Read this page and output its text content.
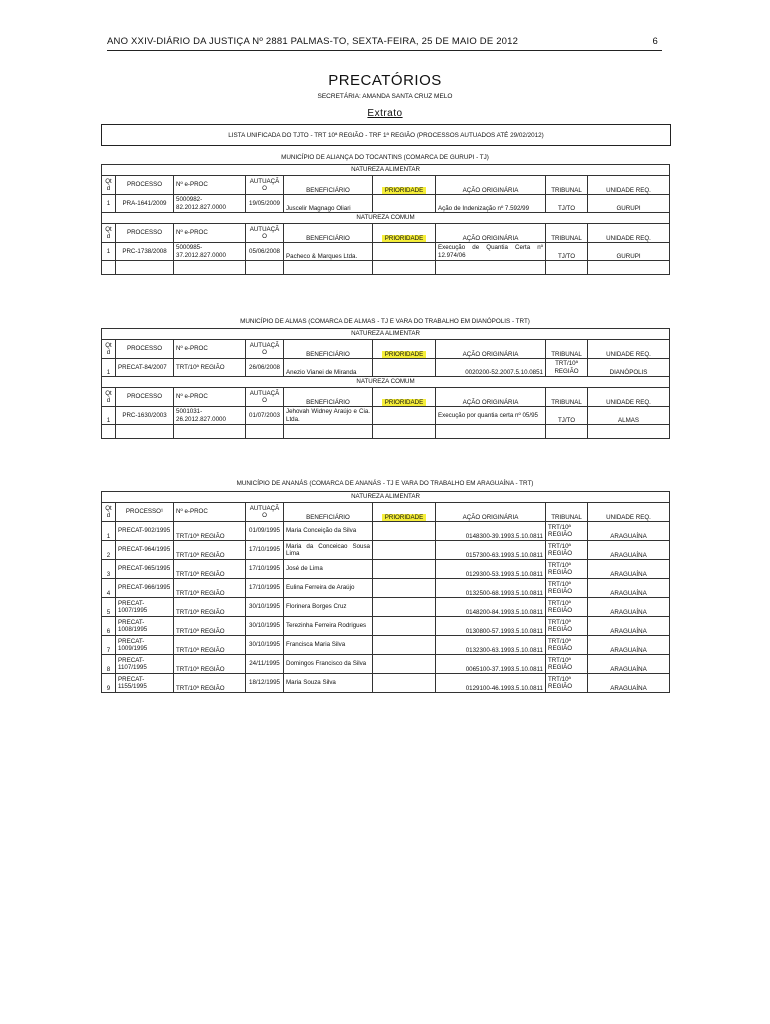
ANO XXIV-DIÁRIO DA JUSTIÇA Nº 2881 PALMAS-TO, SEXTA-FEIRA, 25 DE MAIO DE 2012	6
PRECATÓRIOS
SECRETÁRIA: AMANDA SANTA CRUZ MELO
Extrato
LISTA UNIFICADA DO TJTO - TRT 10ª REGIÃO - TRF 1ª REGIÃO (PROCESSOS AUTUADOS ATÉ 29/02/2012)
MUNICÍPIO DE ALIANÇA DO TOCANTINS (COMARCA DE GURUPI - TJ)
NATUREZA ALIMENTAR								
Qt d	PROCESSO	Nº e-PROC	AUTUAÇÃ O	BENEFICIÁRIO	PRIORIDADE	AÇÃO ORIGINÁRIA	TRIBUNAL	UNIDADE REQ.
1	PRA-1641/2009	5000982-82.2012.827.0000	19/05/2009	Juscelir Magnago Oliari		Ação de Indenização nº 7.592/99	TJ/TO	GURUPI
NATUREZA COMUM								
Qt d	PROCESSO	Nº e-PROC	AUTUAÇÃ O	BENEFICIÁRIO	PRIORIDADE	AÇÃO ORIGINÁRIA	TRIBUNAL	UNIDADE REQ.
1	PRC-1738/2008	5000985-37.2012.827.0000	05/06/2008	Pacheco & Marques Ltda.		Execução de Quantia Certa nº 12.974/06	TJ/TO	GURUPI

MUNICÍPIO DE ALMAS (COMARCA DE ALMAS - TJ E VARA DO TRABALHO EM DIANÓPOLIS - TRT)
NATUREZA ALIMENTAR								
Qt d	PROCESSO	Nº e-PROC	AUTUAÇÃ O	BENEFICIÁRIO	PRIORIDADE	AÇÃO ORIGINÁRIA	TRIBUNAL	UNIDADE REQ.
1	PRECAT-84/2007	TRT/10ª REGIÃO	26/06/2008	Anezio Vianei de Miranda		0020200-52.2007.5.10.0851	TRT/10ª REGIÃO	DIANÓPOLIS
NATUREZA COMUM								
Qt d	PROCESSO	Nº e-PROC	AUTUAÇÃ O	BENEFICIÁRIO	PRIORIDADE	AÇÃO ORIGINÁRIA	TRIBUNAL	UNIDADE REQ.
1	PRC-1630/2003	5001031-26.2012.827.0000	01/07/2003	Jehovah Widney Araújo e Cia. Ltda.		Execução por quantia certa nº 05/95	TJ/TO	ALMAS

MUNICÍPIO DE ANANÁS (COMARCA DE ANANÁS - TJ E VARA DO TRABALHO EM ARAGUAÍNA - TRT)
NATUREZA ALIMENTAR								
Qt d	PROCESSO¹	Nº e-PROC	AUTUAÇÃ O	BENEFICIÁRIO	PRIORIDADE	AÇÃO ORIGINÁRIA	TRIBUNAL	UNIDADE REQ.
1	PRECAT-902/1995	TRT/10ª REGIÃO	01/09/1995	Maria Conceição da Silva		0148300-39.1993.5.10.0811	TRT/10ª REGIÃO	ARAGUAÍNA
2	PRECAT-964/1995	TRT/10ª REGIÃO	17/10/1995	Maria da Conceicao Sousa Lima		0157300-63.1993.5.10.0811	TRT/10ª REGIÃO	ARAGUAÍNA
3	PRECAT-965/1995	TRT/10ª REGIÃO	17/10/1995	José de Lima		0129300-53.1993.5.10.0811	TRT/10ª REGIÃO	ARAGUAÍNA
4	PRECAT-966/1995	TRT/10ª REGIÃO	17/10/1995	Eulina Ferreira de Araújo		0132500-68.1993.5.10.0811	TRT/10ª REGIÃO	ARAGUAÍNA
5	PRECAT-1007/1995	TRT/10ª REGIÃO	30/10/1995	Florinera Borges Cruz		0148200-84.1993.5.10.0811	TRT/10ª REGIÃO	ARAGUAÍNA
6	PRECAT-1008/1995	TRT/10ª REGIÃO	30/10/1995	Terezinha Ferreira Rodrigues		0130800-57.1993.5.10.0811	TRT/10ª REGIÃO	ARAGUAÍNA
7	PRECAT-1009/1995	TRT/10ª REGIÃO	30/10/1995	Francisca Maria Silva		0132300-63.1993.5.10.0811	TRT/10ª REGIÃO	ARAGUAÍNA
8	PRECAT-1107/1995	TRT/10ª REGIÃO	24/11/1995	Domingos Francisco da Silva		0065100-37.1993.5.10.0811	TRT/10ª REGIÃO	ARAGUAÍNA
9	PRECAT-1155/1995	TRT/10ª REGIÃO	18/12/1995	Maria Souza Silva		0129100-46.1993.5.10.0811	TRT/10ª REGIÃO	ARAGUAÍNA
